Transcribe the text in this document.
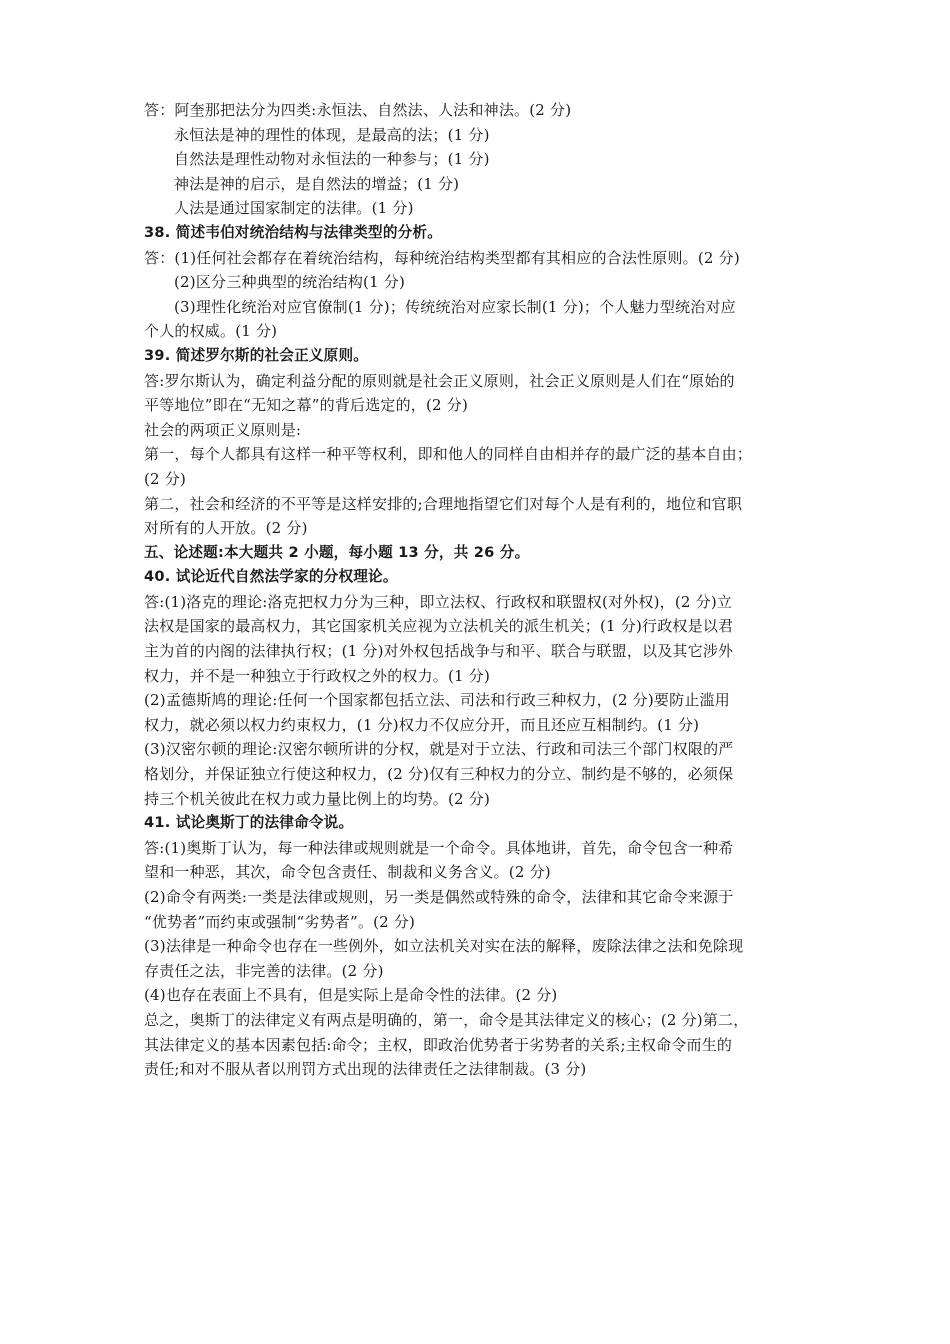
答：阿奎那把法分为四类:永恒法、自然法、人法和神法。(2 分)
永恒法是神的理性的体现，是最高的法；(1 分)
自然法是理性动物对永恒法的一种参与；(1 分)
神法是神的启示，是自然法的增益；(1 分)
人法是通过国家制定的法律。(1 分)
38. 简述韦伯对统治结构与法律类型的分析。
答：(1)任何社会都存在着统治结构，每种统治结构类型都有其相应的合法性原则。(2 分)
(2)区分三种典型的统治结构(1 分)
(3)理性化统治对应官僚制(1 分)；传统统治对应家长制(1 分)；个人魅力型统治对应
个人的权威。(1 分)
39. 简述罗尔斯的社会正义原则。
答:罗尔斯认为，确定利益分配的原则就是社会正义原则，社会正义原则是人们在“原始的
平等地位”即在“无知之幕”的背后选定的，(2 分)
社会的两项正义原则是:
第一，每个人都具有这样一种平等权利，即和他人的同样自由相并存的最广泛的基本自由；
(2 分)
第二，社会和经济的不平等是这样安排的;合理地指望它们对每个人是有利的，地位和官职
对所有的人开放。(2 分)
五、论述题:本大题共 2 小题，每小题 13 分，共 26 分。
40. 试论近代自然法学家的分权理论。
答:(1)洛克的理论:洛克把权力分为三种，即立法权、行政权和联盟权(对外权)，(2 分)立
法权是国家的最高权力，其它国家机关应视为立法机关的派生机关；(1 分)行政权是以君
主为首的内阁的法律执行权；(1 分)对外权包括战争与和平、联合与联盟，以及其它涉外
权力，并不是一种独立于行政权之外的权力。(1 分)
(2)孟德斯鸠的理论:任何一个国家都包括立法、司法和行政三种权力，(2 分)要防止滥用
权力，就必须以权力约束权力，(1 分)权力不仅应分开，而且还应互相制约。(1 分)
(3)汉密尔顿的理论:汉密尔顿所讲的分权，就是对于立法、行政和司法三个部门权限的严
格划分，并保证独立行使这种权力，(2 分)仅有三种权力的分立、制约是不够的，必须保
持三个机关彼此在权力或力量比例上的均势。(2 分)
41. 试论奥斯丁的法律命令说。
答:(1)奥斯丁认为，每一种法律或规则就是一个命令。具体地讲，首先，命令包含一种希
望和一种恶，其次，命令包含责任、制裁和义务含义。(2 分)
(2)命令有两类:一类是法律或规则，另一类是偶然或特殊的命令，法律和其它命令来源于
“优势者”而约束或强制“劣势者”。(2 分)
(3)法律是一种命令也存在一些例外，如立法机关对实在法的解释，废除法律之法和免除现
存责任之法，非完善的法律。(2 分)
(4)也存在表面上不具有，但是实际上是命令性的法律。(2 分)
总之，奥斯丁的法律定义有两点是明确的，第一，命令是其法律定义的核心；(2 分)第二，
其法律定义的基本因素包括:命令；主权，即政治优势者于劣势者的关系;主权命令而生的
责任;和对不服从者以刑罚方式出现的法律责任之法律制裁。(3 分)
